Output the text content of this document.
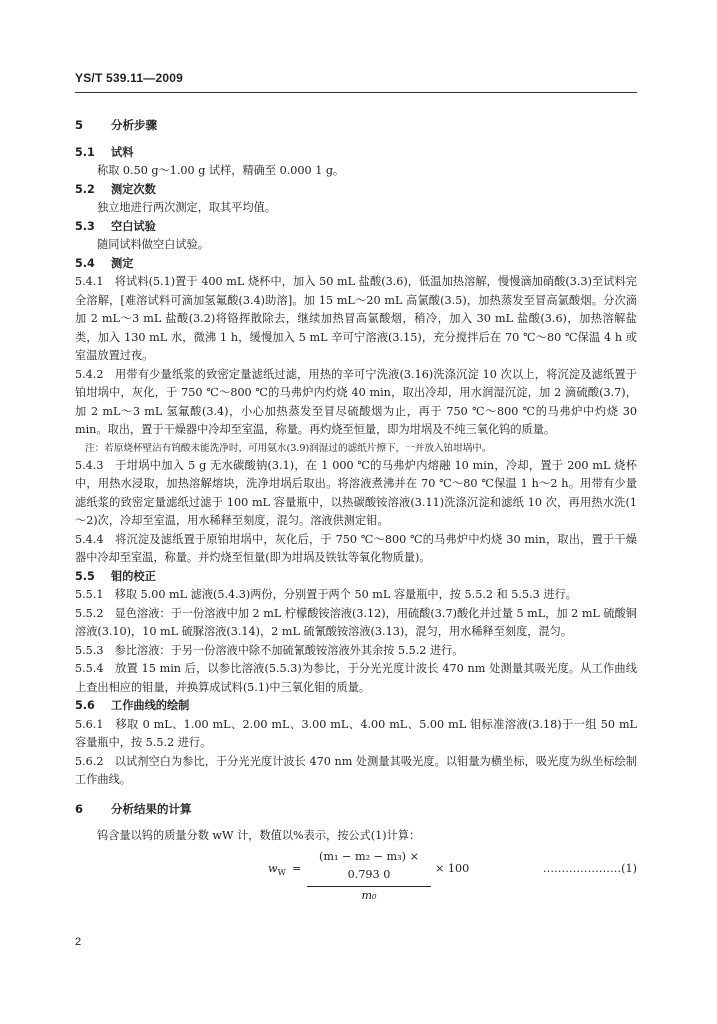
YS/T 539.11—2009
5 分析步骤
5.1 试料

称取 0.50 g～1.00 g 试样，精确至 0.000 1 g。

5.2 测定次数

独立地进行两次测定，取其平均值。

5.3 空白试验

随同试料做空白试验。

5.4 测定

5.4.1　将试料(5.1)置于 400 mL 烧杯中，加入 50 mL 盐酸(3.6)，低温加热溶解，慢慢滴加硝酸(3.3)至试料完全溶解，[难溶试料可滴加氢氟酸(3.4)助溶]。加 15 mL～20 mL 高氯酸(3.5)，加热蒸发至冒高氯酸烟。分次滴加 2 mL～3 mL 盐酸(3.2)将铬挥散除去，继续加热冒高氯酸烟，稍冷，加入 30 mL 盐酸(3.6)，加热溶解盐类，加入 130 mL 水，微沸 1 h，缓慢加入 5 mL 辛可宁溶液(3.15)，充分搅拌后在 70 ℃～80 ℃保温 4 h 或室温放置过夜。

5.4.2　用带有少量纸浆的致密定量滤纸过滤，用热的辛可宁洗液(3.16)洗涤沉淀 10 次以上，将沉淀及滤纸置于铂坩埚中，灰化，于 750 ℃～800 ℃的马弗炉内灼烧 40 min，取出冷却，用水润湿沉淀，加 2 滴硫酸(3.7)，加 2 mL～3 mL 氢氟酸(3.4)，小心加热蒸发至冒尽硫酸烟为止，再于 750 ℃～800 ℃的马弗炉中灼烧 30 min。取出，置于干燥器中冷却至室温，称量。再灼烧至恒量，即为坩埚及不纯三氧化钨的质量。

注：若原烧杯壁沾有钨酸未能洗净时，可用氨水(3.9)润湿过的滤纸片擦下，一并放入铂坩埚中。

5.4.3　于坩埚中加入 5 g 无水碳酸钠(3.1)，在 1 000 ℃的马弗炉内熔融 10 min，冷却，置于 200 mL 烧杯中，用热水浸取，加热溶解熔块，洗净坩埚后取出。将溶液煮沸并在 70 ℃～80 ℃保温 1 h～2 h。用带有少量滤纸浆的致密定量滤纸过滤于 100 mL 容量瓶中，以热碳酸铵溶液(3.11)洗涤沉淀和滤纸 10 次，再用热水洗(1～2)次，冷却至室温，用水稀释至刻度，混匀。溶液供测定钼。

5.4.4　将沉淀及滤纸置于原铂坩埚中，灰化后，于 750 ℃～800 ℃的马弗炉中灼烧 30 min，取出，置于干燥器中冷却至室温，称量。并灼烧至恒量(即为坩埚及铁钛等氧化物质量)。

5.5 钼的校正

5.5.1　移取 5.00 mL 滤液(5.4.3)两份，分别置于两个 50 mL 容量瓶中，按 5.5.2 和 5.5.3 进行。

5.5.2　显色溶液：于一份溶液中加 2 mL 柠檬酸铵溶液(3.12)，用硫酸(3.7)酸化并过量 5 mL，加 2 mL 硫酸铜溶液(3.10)，10 mL 硫脲溶液(3.14)，2 mL 硫氰酸铵溶液(3.13)，混匀，用水稀释至刻度，混匀。

5.5.3　参比溶液：于另一份溶液中除不加硫氰酸铵溶液外其余按 5.5.2 进行。

5.5.4　放置 15 min 后，以参比溶液(5.5.3)为参比，于分光光度计波长 470 nm 处测量其吸光度。从工作曲线上查出相应的钼量，并换算成试料(5.1)中三氧化钼的质量。

5.6 工作曲线的绘制

5.6.1　移取 0 mL、1.00 mL、2.00 mL、3.00 mL、4.00 mL、5.00 mL 钼标准溶液(3.18)于一组 50 mL 容量瓶中，按 5.5.2 进行。

5.6.2　以试剂空白为参比，于分光光度计波长 470 nm 处测量其吸光度。以钼量为横坐标，吸光度为纵坐标绘制工作曲线。

6 分析结果的计算

钨含量以钨的质量分数 wW 计，数值以%表示，按公式(1)计算：

$w_W = \frac{\text{(m₁ − m₂ − m₃) × 0.793 0}}{\text{m₀}} \times 100$	…………………(1)
2
